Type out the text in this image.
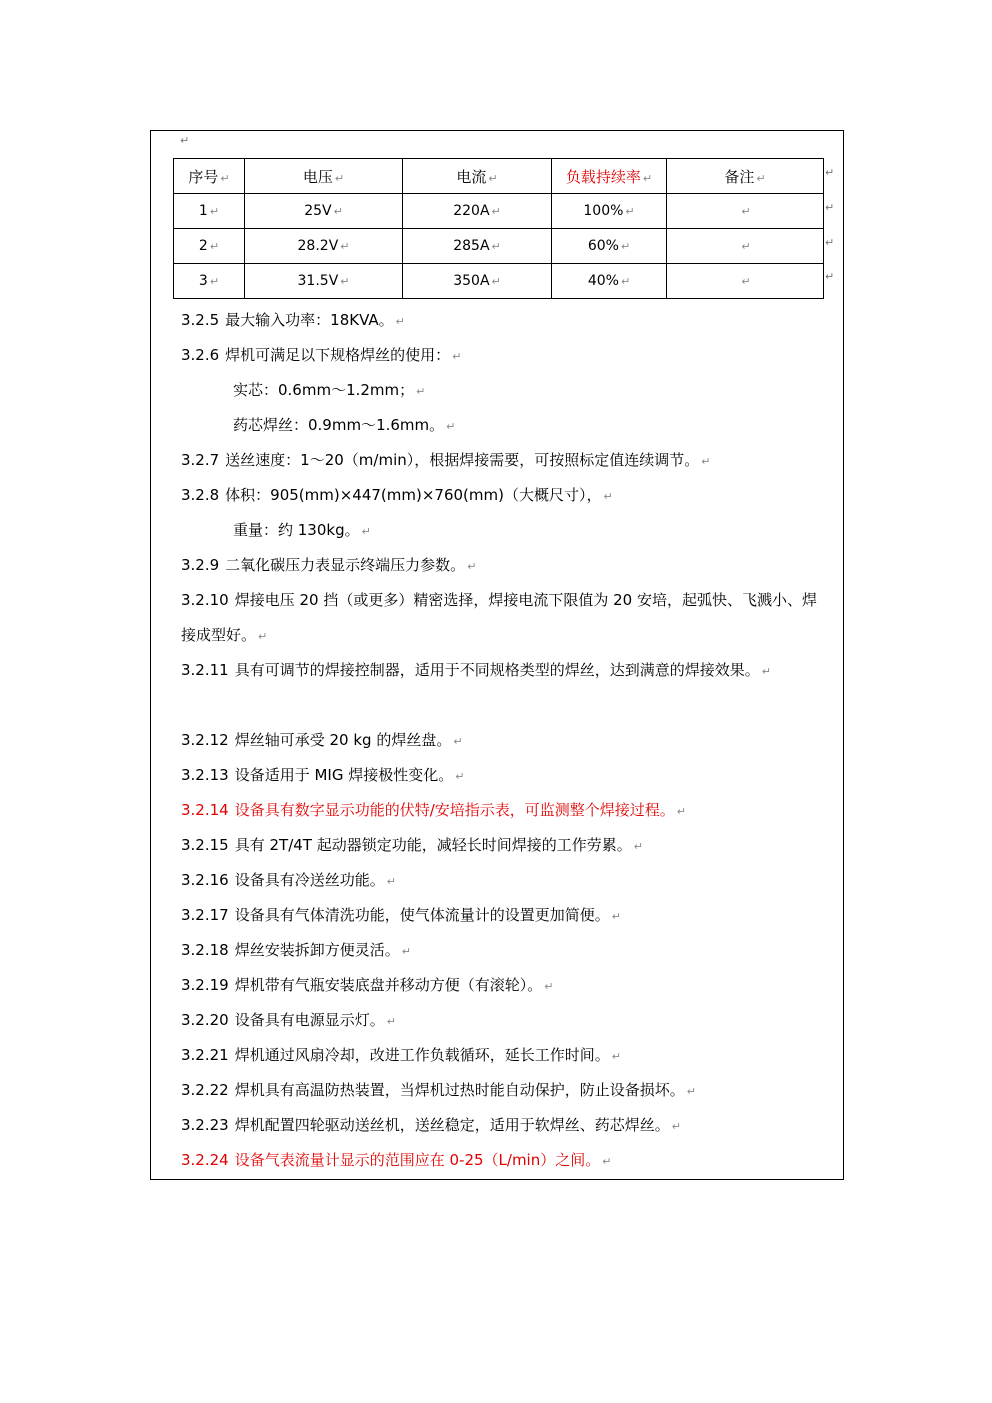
↵
序号 ↵	电压 ↵	电流 ↵	负载持续率 ↵	备注 ↵
1 ↵	25V ↵	220A ↵	100% ↵	↵
2 ↵	28.2V ↵	285A ↵	60% ↵	↵
3 ↵	31.5V ↵	350A ↵	40% ↵	↵
↵
↵
↵
↵
3.2.5 最大输入功率：18KVA。 ↵
3.2.6 焊机可满足以下规格焊丝的使用： ↵
实芯：0.6mm～1.2mm； ↵
药芯焊丝：0.9mm～1.6mm。 ↵
3.2.7 送丝速度：1～20（m/min），根据焊接需要，可按照标定值连续调节。 ↵
3.2.8 体积：905(mm)×447(mm)×760(mm)（大概尺寸）， ↵
重量：约 130kg。 ↵
3.2.9 二氧化碳压力表显示终端压力参数。 ↵
3.2.10 焊接电压 20 挡（或更多）精密选择，焊接电流下限值为 20 安培，起弧快、飞溅小、焊接成型好。 ↵
3.2.11 具有可调节的焊接控制器，适用于不同规格类型的焊丝，达到满意的焊接效果。 ↵
3.2.12 焊丝轴可承受 20 kg 的焊丝盘。 ↵
3.2.13 设备适用于 MIG 焊接极性变化。 ↵
3.2.14 设备具有数字显示功能的伏特/安培指示表，可监测整个焊接过程。 ↵
3.2.15 具有 2T/4T 起动器锁定功能，减轻长时间焊接的工作劳累。 ↵
3.2.16 设备具有冷送丝功能。 ↵
3.2.17 设备具有气体清洗功能，使气体流量计的设置更加简便。 ↵
3.2.18 焊丝安装拆卸方便灵活。 ↵
3.2.19 焊机带有气瓶安装底盘并移动方便（有滚轮）。 ↵
3.2.20 设备具有电源显示灯。 ↵
3.2.21 焊机通过风扇冷却，改进工作负载循环，延长工作时间。 ↵
3.2.22 焊机具有高温防热装置，当焊机过热时能自动保护，防止设备损坏。 ↵
3.2.23 焊机配置四轮驱动送丝机，送丝稳定，适用于软焊丝、药芯焊丝。 ↵
3.2.24 设备气表流量计显示的范围应在 0-25（L/min）之间。 ↵
